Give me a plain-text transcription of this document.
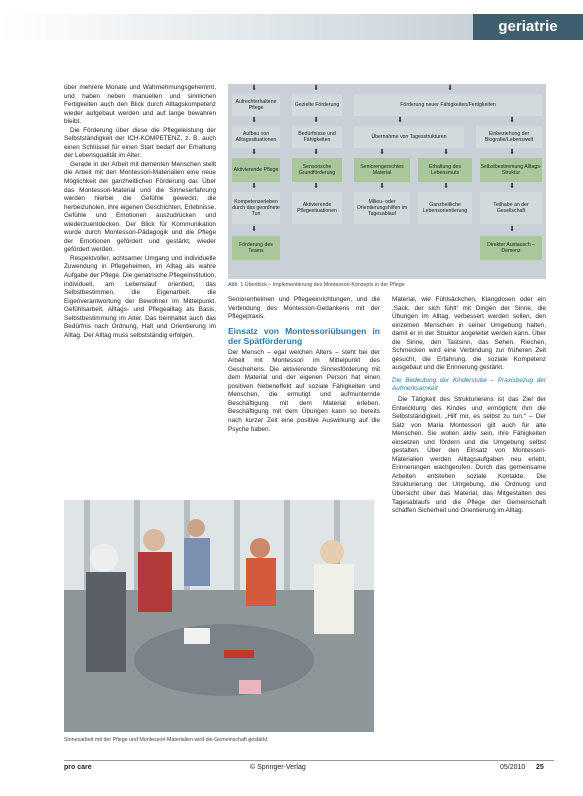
geriatrie

über mehrere Monate und Wahrnehmungsgehemmt, und haben neben manuellen und sinnlichen Fertigkeiten auch den Blick durch Alltagskompetenz wieder aufgebaut werden und auf lange bewahren bleibt.

Die Förderung über diese die Pflegeleistung der Selbstständigkeit der ICH-KOMPETENZ, z. B. auch einen Schlüssel für einen Start bedarf der Erhaltung der Lebensqualität im Alter.

Gerade in der Arbeit mit dementen Menschen stellt die Arbeit mit den Montessori-Materialien eine neue Möglichkeit der ganzheitlichen Förderung dar. Über das Montessori-Material und die Sinneserfahrung werden hierbei die Gefühle geweckt, die herbeizuholen, ihre eigenen Geschichten, Erlebnisse, Gefühle und Emotionen auszudrücken und wiederzuentdecken. Der Blick für Kommunikation wurde durch Montessori-Pädagogik und die Pflege der Emotionen gefördert und gestärkt, wieder gefördert werden.

Respektvoller, achtsamer Umgang und individuelle Zuwendung in Pflegeheimen, im Alltag als wahre Aufgabe der Pflege. Die geriatrische Pflegeinstitution, individuell, am Lebenslauf orientiert, das Selbstbestimmen, die Eigenarbeit, die Eigenverantwortung der Bewohner im Mittelpunkt. Gefühlsarbeit, Alltags- und Pflegealltag als Basis, Selbstbestimmung im Alter. Das beinhaltet auch das Bedürfnis nach Ordnung, Halt und Orientierung im Alltag. Der Alltag muss selbstständig erfolgen.

⬇	⬇	⬇
Aufrechterhaltene Pflege
Gezielte Förderung	Förderung neuer Fähigkeiten/Fertigkeiten
⬇	⬇	⬇	⬇
Aufbau von Alltagssituationen
Bedürfnisse und Fähigkeiten
Übernahme von Tagesstrukturen
Einbeziehung der Biografie/Lebenswelt
⬇	⬇	⬇	⬇	⬇
Aktivierende Pflege
Sensorische Grundförderung
Seniorengerechtes Material
Erhaltung des Lebensmuts
Selbstbestimmung Alltags-Struktur
⬇	⬇	⬇	⬇	⬇
Kompetenzerleben durch das geordnete Tun
Aktivierende Pflegesituationen
Milieu- oder Orientierungshilfen im Tagesablauf
Ganzheitliche Lebensorientierung
Teilhabe an der Gesellschaft
⬇	⬇
Förderung des Teams
Direkter Austausch – Demenz
Abb. 1 Überblick – Implementierung des Montessori-Konzepts in der Pflege

Seniorenheimen und Pflegeeinrichtungen, und die Verbindung des Montessori-Gedankens mit der Pflegepraxis.

Einsatz von Montessoriübungen in der Spätförderung

Der Mensch – egal welchen Alters – steht bei der Arbeit mit Montessori im Mittelpunkt des Geschehens. Die aktivierende Sinnesförderung mit dem Material und der eigenen Person hat einen positiven Nebeneffekt auf soziale Fähigkeiten und Menschen, die ermutigt und aufmunternde Beschäftigung mit dem Material erleben. Beschäftigung mit dem Übungen kann so bereits nach kurzer Zeit eine positive Auswirkung auf die Psyche haben.

Material, wie Fühlsäckchen, Klangdosen oder ein ,Sack, der sich fühlt' mit Dingen der Sinne, die Übungen im Alltag, verbessert werden sollen, den einzelnen Menschen in seiner Umgebung halten, damit er in der Struktur angeleitet werden kann. Über die Sinne, den Tastsinn, das Sehen, Riechen, Schmecken wird eine Verbindung zur früheren Zeit gesucht, die Erfahrung, die soziale Kompetenz ausgebaut und die Erinnerung gestärkt.

Die Bedeutung der Kinderstube – Praxisbezug der Aufmerksamkeit

Die Tätigkeit des Strukturierens ist das Ziel der Entwicklung des Kindes und ermöglicht ihm die Selbstständigkeit. „Hilf mir, es selbst zu tun.“ – Der Satz von Maria Montessori gilt auch für alte Menschen. Sie wollen aktiv sein, ihre Fähigkeiten einsetzen und fördern und die Umgebung selbst gestalten. Über den Einsatz von Montessori-Materialien werden Alltagsaufgaben neu erlebt, Erinnerungen wachgerufen. Durch das gemeinsame Arbeiten entstehen soziale Kontakte. Die Strukturierung der Umgebung, die Ordnung und Übersicht über das Material, das Mitgestalten des Tagesablaufs und die Pflege der Gemeinschaft schaffen Sicherheit und Orientierung im Alltag.

Sinnesarbeit mit der Pflege und Montessori-Materialien wird die Gemeinschaft gestärkt
pro care	© Springer-Verlag	05/2010 25
